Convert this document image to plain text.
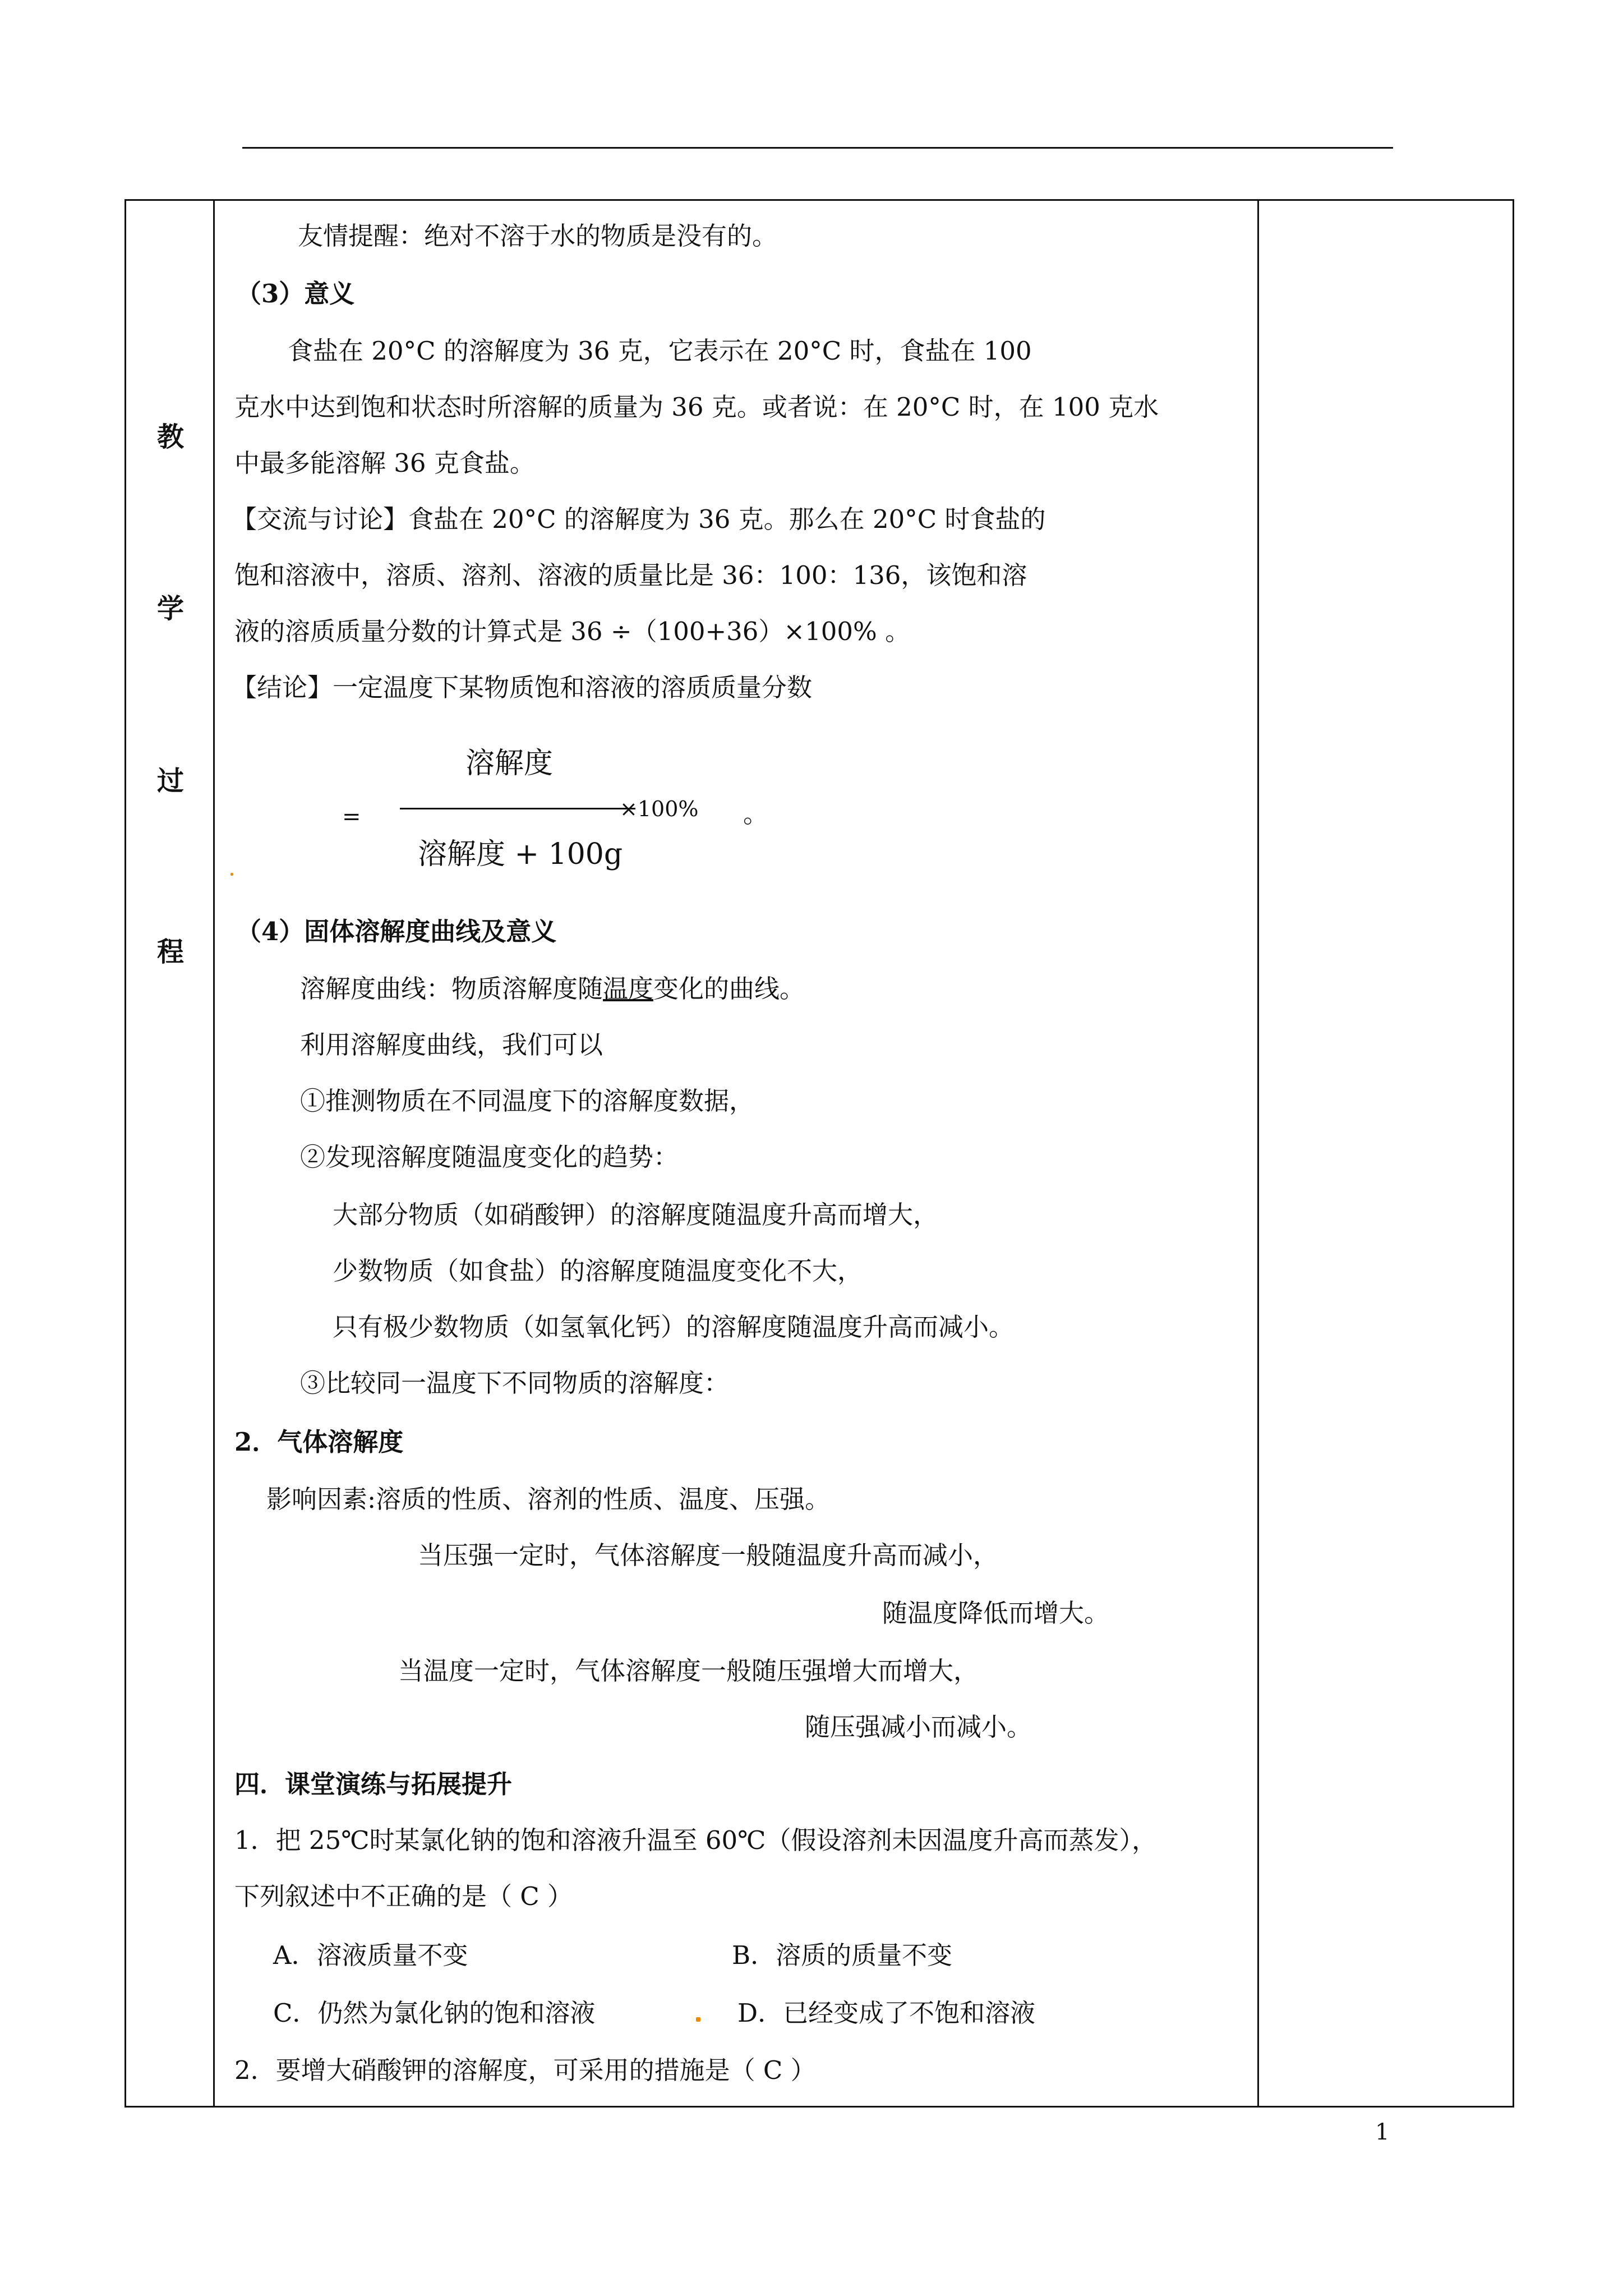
教
学
过
程
友情提醒：绝对不溶于水的物质是没有的。
（3）意义
食盐在 20°C 的溶解度为 36 克，它表示在 20°C 时，食盐在 100
克水中达到饱和状态时所溶解的质量为 36 克。或者说：在 20°C 时，在 100 克水
中最多能溶解 36 克食盐。
【交流与讨论】食盐在 20°C 的溶解度为 36 克。那么在 20°C 时食盐的
饱和溶液中，溶质、溶剂、溶液的质量比是 36：100：136，该饱和溶
液的溶质质量分数的计算式是 36 ÷（100+36）×100% 。
【结论】一定温度下某物质饱和溶液的溶质质量分数
=
溶解度
×100%
溶解度 + 100g
。
（4）固体溶解度曲线及意义
溶解度曲线：物质溶解度随温度变化的曲线。
利用溶解度曲线，我们可以
①推测物质在不同温度下的溶解度数据，
②发现溶解度随温度变化的趋势：
大部分物质（如硝酸钾）的溶解度随温度升高而增大，
少数物质（如食盐）的溶解度随温度变化不大，
只有极少数物质（如氢氧化钙）的溶解度随温度升高而减小。
③比较同一温度下不同物质的溶解度：
2．气体溶解度
影响因素:溶质的性质、溶剂的性质、温度、压强。
当压强一定时，气体溶解度一般随温度升高而减小，
随温度降低而增大。
当温度一定时，气体溶解度一般随压强增大而增大，
随压强减小而减小。
四．课堂演练与拓展提升
1．把 25℃时某氯化钠的饱和溶液升温至 60℃（假设溶剂未因温度升高而蒸发），
下列叙述中不正确的是（ C ）
A．溶液质量不变	B．溶质的质量不变
C．仍然为氯化钠的饱和溶液	D．已经变成了不饱和溶液
2．要增大硝酸钾的溶解度，可采用的措施是（ C ）
1
